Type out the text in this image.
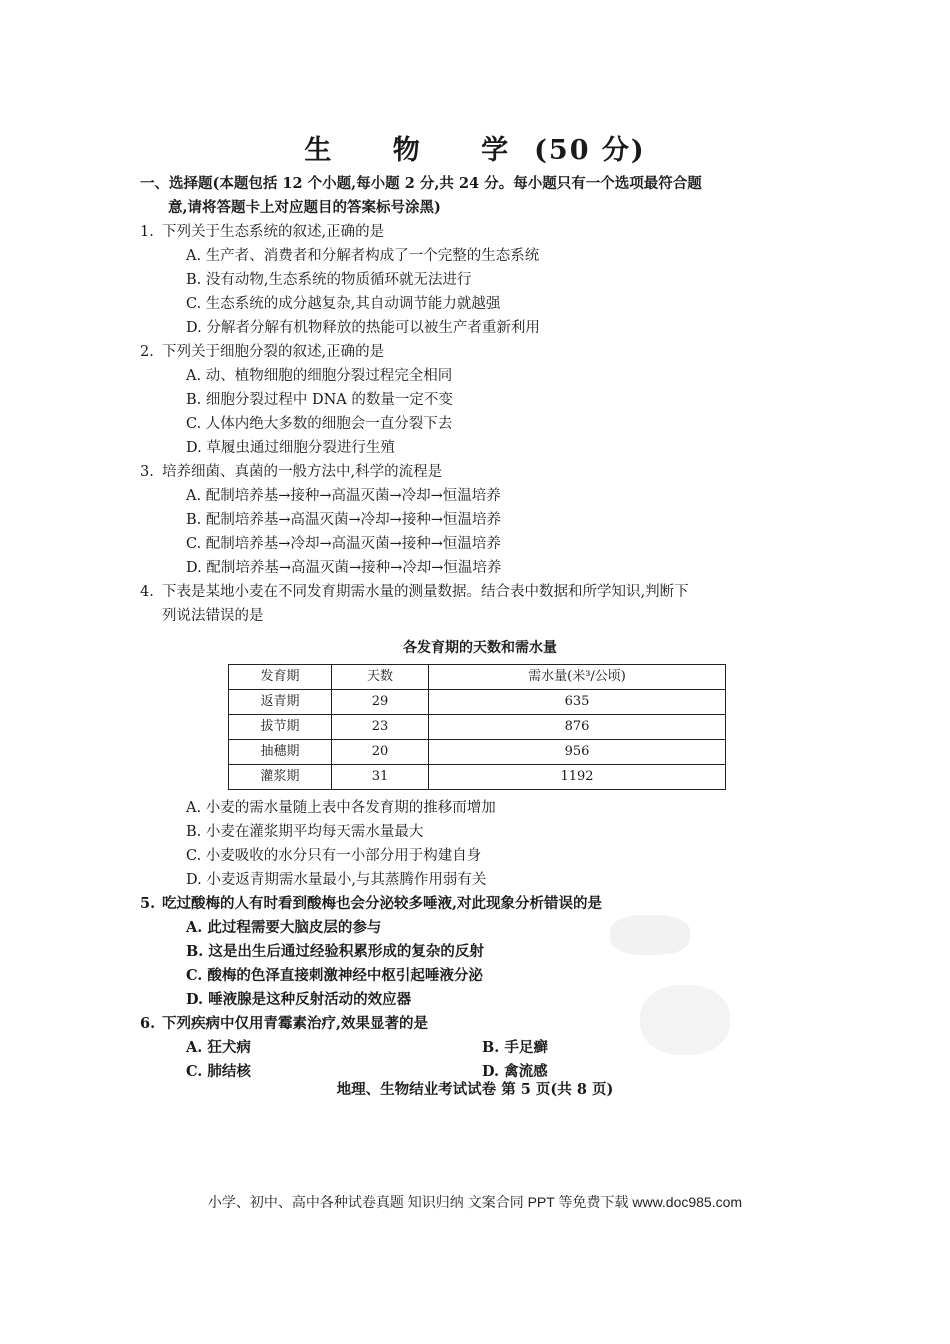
生 物 学(50 分)
一、选择题(本题包括 12 个小题,每小题 2 分,共 24 分。每小题只有一个选项最符合题
意,请将答题卡上对应题目的答案标号涂黑)
1. 下列关于生态系统的叙述,正确的是
A. 生产者、消费者和分解者构成了一个完整的生态系统
B. 没有动物,生态系统的物质循环就无法进行
C. 生态系统的成分越复杂,其自动调节能力就越强
D. 分解者分解有机物释放的热能可以被生产者重新利用
2. 下列关于细胞分裂的叙述,正确的是
A. 动、植物细胞的细胞分裂过程完全相同
B. 细胞分裂过程中 DNA 的数量一定不变
C. 人体内绝大多数的细胞会一直分裂下去
D. 草履虫通过细胞分裂进行生殖
3. 培养细菌、真菌的一般方法中,科学的流程是
A. 配制培养基→接种→高温灭菌→冷却→恒温培养
B. 配制培养基→高温灭菌→冷却→接种→恒温培养
C. 配制培养基→冷却→高温灭菌→接种→恒温培养
D. 配制培养基→高温灭菌→接种→冷却→恒温培养
4. 下表是某地小麦在不同发育期需水量的测量数据。结合表中数据和所学知识,判断下
列说法错误的是
各发育期的天数和需水量
发育期	天数	需水量(米³/公顷)
返青期	29	635
拔节期	23	876
抽穗期	20	956
灌浆期	31	1192
A. 小麦的需水量随上表中各发育期的推移而增加
B. 小麦在灌浆期平均每天需水量最大
C. 小麦吸收的水分只有一小部分用于构建自身
D. 小麦返青期需水量最小,与其蒸腾作用弱有关
5. 吃过酸梅的人有时看到酸梅也会分泌较多唾液,对此现象分析错误的是
A. 此过程需要大脑皮层的参与
B. 这是出生后通过经验积累形成的复杂的反射
C. 酸梅的色泽直接刺激神经中枢引起唾液分泌
D. 唾液腺是这种反射活动的效应器
6. 下列疾病中仅用青霉素治疗,效果显著的是
A. 狂犬病	B. 手足癣
C. 肺结核	D. 禽流感
地理、生物结业考试试卷 第 5 页(共 8 页)
小学、初中、高中各种试卷真题 知识归纳 文案合同 PPT 等免费下载 www.doc985.com
